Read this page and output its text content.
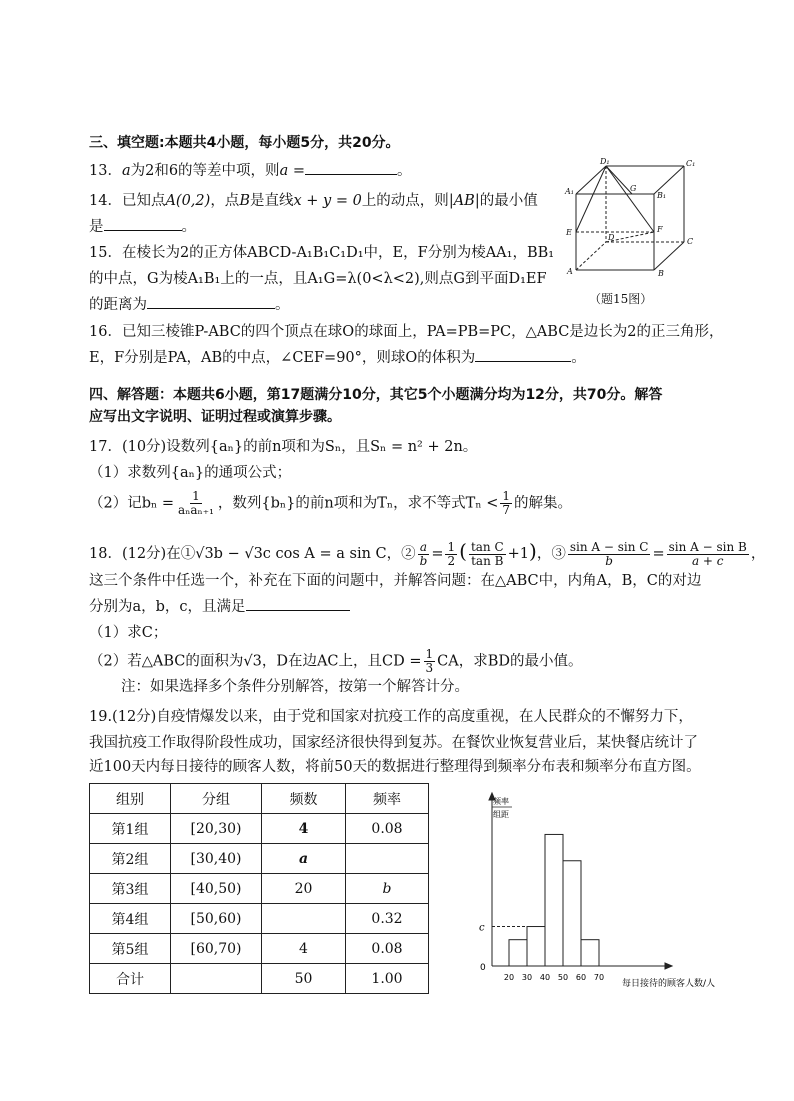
三、填空题:本题共4小题，每小题5分，共20分。
13．a为2和6的等差中项，则a =	。
14．已知点A(0,2)，点B是直线x + y = 0上的动点，则|AB|的最小值
是	。
15．在棱长为2的正方体ABCD-A₁B₁C₁D₁中，E，F分别为棱AA₁，BB₁
的中点，G为棱A₁B₁上的一点，且A₁G=λ(0<λ<2),则点G到平面D₁EF
的距离为	。
D₁	C₁
A₁	G
B₁
E
D
F
C
A	B
（题15图）
16．已知三棱锥P-ABC的四个顶点在球O的球面上，PA=PB=PC，△ABC是边长为2的正三角形，
E，F分别是PA，AB的中点，∠CEF=90°，则球O的体积为	。
四、解答题：本题共6小题，第17题满分10分，其它5个小题满分均为12分，共70分。解答
应写出文字说明、证明过程或演算步骤。
17．(10分)设数列{aₙ}的前n项和为Sₙ，且Sₙ = n² + 2n。
（1）求数列{aₙ}的通项公式；
（2）记$b_n = \frac{1}{\text{aₙaₙ₊₁}}$ ，数列{bₙ}的前n项和为Tₙ，求不等式$T_n < \frac{1}{7}$ 的解集。
18．(12分)在①√3b − √3c cos A = a sin C，② $\frac{a}{b} = \frac{1}{2}$ ( $\frac{\text{tan C}}{\text{tan B}} +1$)，③ $\frac{\text{sin A − sin C}}{b} = \frac{\text{sin A − sin B}}{a + c}$ ，
这三个条件中任选一个，补充在下面的问题中，并解答问题：在△ABC中，内角A，B，C的对边
分别为a，b，c，且满足
（1）求C；
（2）若△ABC的面积为√3，D在边AC上，且CD = $\frac{1}{3}$ CA，求BD的最小值。
注：如果选择多个条件分别解答，按第一个解答计分。
19.(12分)自疫情爆发以来，由于党和国家对抗疫工作的高度重视，在人民群众的不懈努力下，
我国抗疫工作取得阶段性成功，国家经济很快得到复苏。在餐饮业恢复营业后，某快餐店统计了
近100天内每日接待的顾客人数，将前50天的数据进行整理得到频率分布表和频率分布直方图。
组别	分组	频数	频率
第1组	[20,30)	4	0.08
第2组	[30,40)	a	
第3组	[40,50)	20	b
第4组	[50,60)		0.32
第5组	[60,70)	4	0.08
合计		50	1.00
频率
组距
0
c
20 30 40 50 60 70
每日接待的顾客人数/人
